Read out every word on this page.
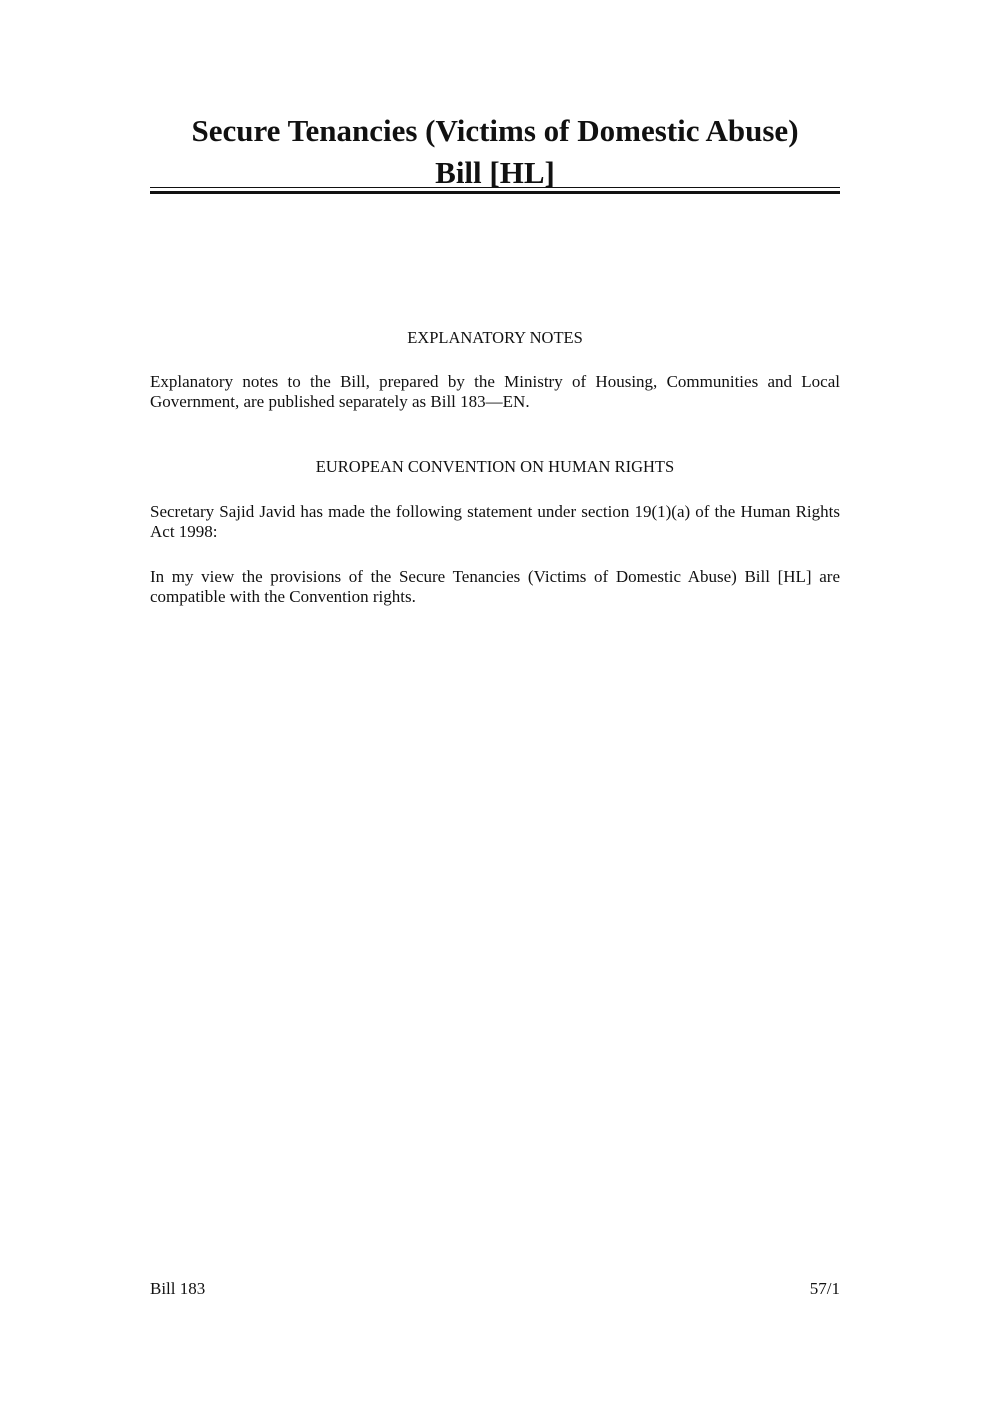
Secure Tenancies (Victims of Domestic Abuse)
Bill [HL]
EXPLANATORY NOTES
Explanatory notes to the Bill, prepared by the Ministry of Housing, Communities and Local Government, are published separately as Bill 183—EN.
EUROPEAN CONVENTION ON HUMAN RIGHTS
Secretary Sajid Javid has made the following statement under section 19(1)(a) of the Human Rights Act 1998:
In my view the provisions of the Secure Tenancies (Victims of Domestic Abuse) Bill [HL] are compatible with the Convention rights.
Bill 183	57/1
